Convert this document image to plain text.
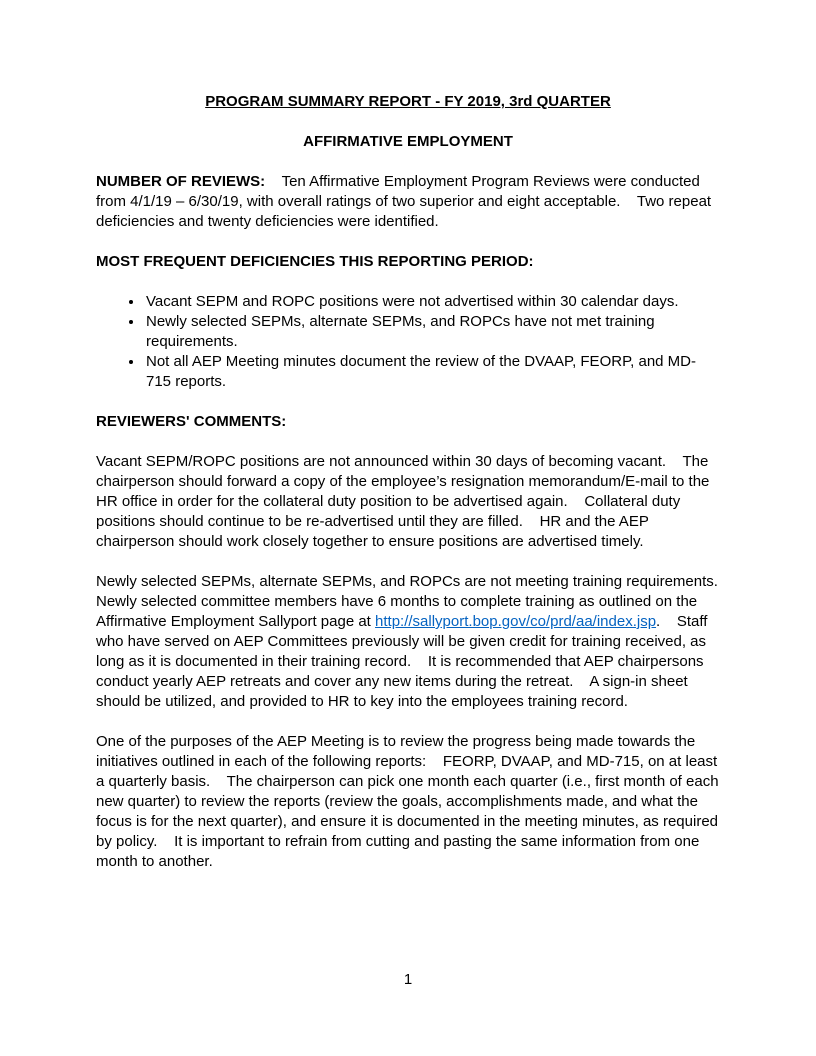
PROGRAM SUMMARY REPORT - FY 2019, 3rd QUARTER
AFFIRMATIVE EMPLOYMENT

NUMBER OF REVIEWS:    Ten Affirmative Employment Program Reviews were conducted from 4/1/19 – 6/30/19, with overall ratings of two superior and eight acceptable.    Two repeat deficiencies and twenty deficiencies were identified.

MOST FREQUENT DEFICIENCIES THIS REPORTING PERIOD:
• Vacant SEPM and ROPC positions were not advertised within 30 calendar days.
• Newly selected SEPMs, alternate SEPMs, and ROPCs have not met training requirements.
• Not all AEP Meeting minutes document the review of the DVAAP, FEORP, and MD-715 reports.
REVIEWERS' COMMENTS:

Vacant SEPM/ROPC positions are not announced within 30 days of becoming vacant.    The chairperson should forward a copy of the employee’s resignation memorandum/E-mail to the HR office in order for the collateral duty position to be advertised again.    Collateral duty positions should continue to be re-advertised until they are filled.    HR and the AEP chairperson should work closely together to ensure positions are advertised timely.

Newly selected SEPMs, alternate SEPMs, and ROPCs are not meeting training requirements. Newly selected committee members have 6 months to complete training as outlined on the Affirmative Employment Sallyport page at http://sallyport.bop.gov/co/prd/aa/index.jsp.    Staff who have served on AEP Committees previously will be given credit for training received, as long as it is documented in their training record.    It is recommended that AEP chairpersons conduct yearly AEP retreats and cover any new items during the retreat.    A sign-in sheet should be utilized, and provided to HR to key into the employees training record.

One of the purposes of the AEP Meeting is to review the progress being made towards the initiatives outlined in each of the following reports:    FEORP, DVAAP, and MD-715, on at least a quarterly basis.    The chairperson can pick one month each quarter (i.e., first month of each new quarter) to review the reports (review the goals, accomplishments made, and what the focus is for the next quarter), and ensure it is documented in the meeting minutes, as required by policy.    It is important to refrain from cutting and pasting the same information from one month to another.

1
